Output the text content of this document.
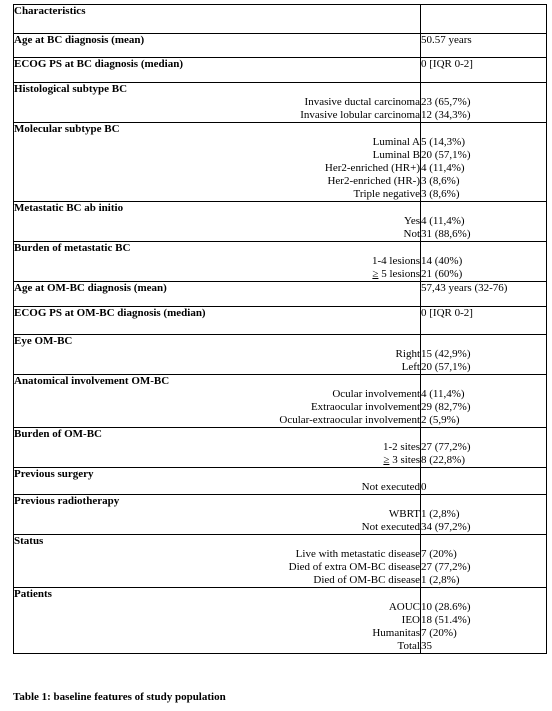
Characteristics	
Age at BC diagnosis (mean)	50.57 years
ECOG PS at BC diagnosis (median)	0 [IQR 0-2]
Histological subtype BC	
Invasive ductal carcinoma	23 (65,7%)
Invasive lobular carcinoma	12 (34,3%)
Molecular subtype BC	
Luminal A	5 (14,3%)
Luminal B	20 (57,1%)
Her2-enriched (HR+)	4 (11,4%)
Her2-enriched (HR-)	3 (8,6%)
Triple negative	3 (8,6%)
Metastatic BC ab initio	
Yes	4 (11,4%)
Not	31 (88,6%)
Burden of metastatic BC	
1-4 lesions	14 (40%)
≥ 5 lesions	21 (60%)
Age at OM-BC diagnosis (mean)	57,43 years (32-76)
ECOG PS at OM-BC diagnosis (median)	0 [IQR 0-2]
Eye OM-BC	
Right	15 (42,9%)
Left	20 (57,1%)
Anatomical involvement OM-BC	
Ocular involvement	4 (11,4%)
Extraocular involvement	29 (82,7%)
Ocular-extraocular involvement	2 (5,9%)
Burden of OM-BC	
1-2 sites	27 (77,2%)
≥ 3 sites	8 (22,8%)
Previous surgery	
Not executed	0
Previous radiotherapy	
WBRT	1 (2,8%)
Not executed	34 (97,2%)
Status	
Live with metastatic disease	7 (20%)
Died of extra OM-BC disease	27 (77,2%)
Died of OM-BC disease	1 (2,8%)
Patients	
AOUC	10 (28.6%)
IEO	18 (51.4%)
Humanitas	7 (20%)
Total	35
Table 1: baseline features of study population
